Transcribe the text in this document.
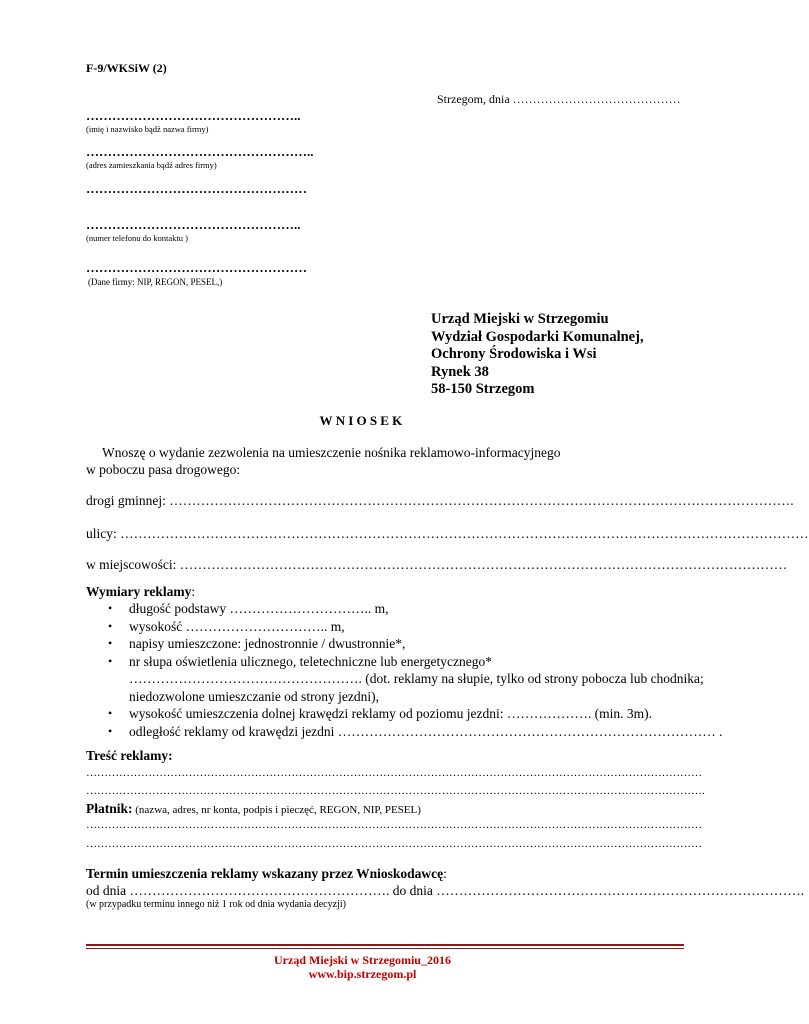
F-9/WKSiW (2)
Strzegom, dnia ……………………………………
…………………………………………..
(imię i nazwisko bądź nazwa firmy)
……………………………………………..
(adres zamieszkania bądź adres firmy)
……………………………………………
…………………………………………..
(numer telefonu do kontaktu )
……………………………………………
(Dane firmy: NIP, REGON, PESEL,)
Urząd Miejski w Strzegomiu
Wydział Gospodarki Komunalnej,
Ochrony Środowiska i Wsi
Rynek 38
58-150 Strzegom
WNIOSEK
Wnoszę o wydanie zezwolenia na umieszczenie nośnika reklamowo-informacyjnego
w poboczu pasa drogowego:
drogi gminnej: ………………………………………………………………………………………………………………………….
ulicy: ………………………………………………………………………………………………………………………………………
w miejscowości: ………………………………………………………………………………………………………………………
Wymiary reklamy:
• długość podstawy ………………………….. m,
• wysokość ………………………….. m,
• napisy umieszczone: jednostronnie / dwustronnie*,
• nr słupa oświetlenia ulicznego, teletechniczne lub energetycznego*
……………………………………………. (dot. reklamy na słupie, tylko od strony pobocza lub chodnika;
niedozwolone umieszczanie od strony jezdni),
• wysokość umieszczenia dolnej krawędzi reklamy od poziomu jezdni: ………………. (min. 3m).
• odległość reklamy od krawędzi jezdni ………………………………………………………………………… .
Treść reklamy:
……………………………………………………………………………………………………………………………………………………
…………………………………………………………………………………………………………………………………………………….
Płatnik: (nazwa, adres, nr konta, podpis i pieczęć, REGON, NIP, PESEL)
……………………………………………………………………………………………………………………………………………………
……………………………………………………………………………………………………………………………………………………
Termin umieszczenia reklamy wskazany przez Wnioskodawcę:
od dnia …………………………………………………. do dnia ……………………………………………………………………….
(w przypadku terminu innego niż 1 rok od dnia wydania decyzji)
Urząd Miejski w Strzegomiu_2016
www.bip.strzegom.pl
